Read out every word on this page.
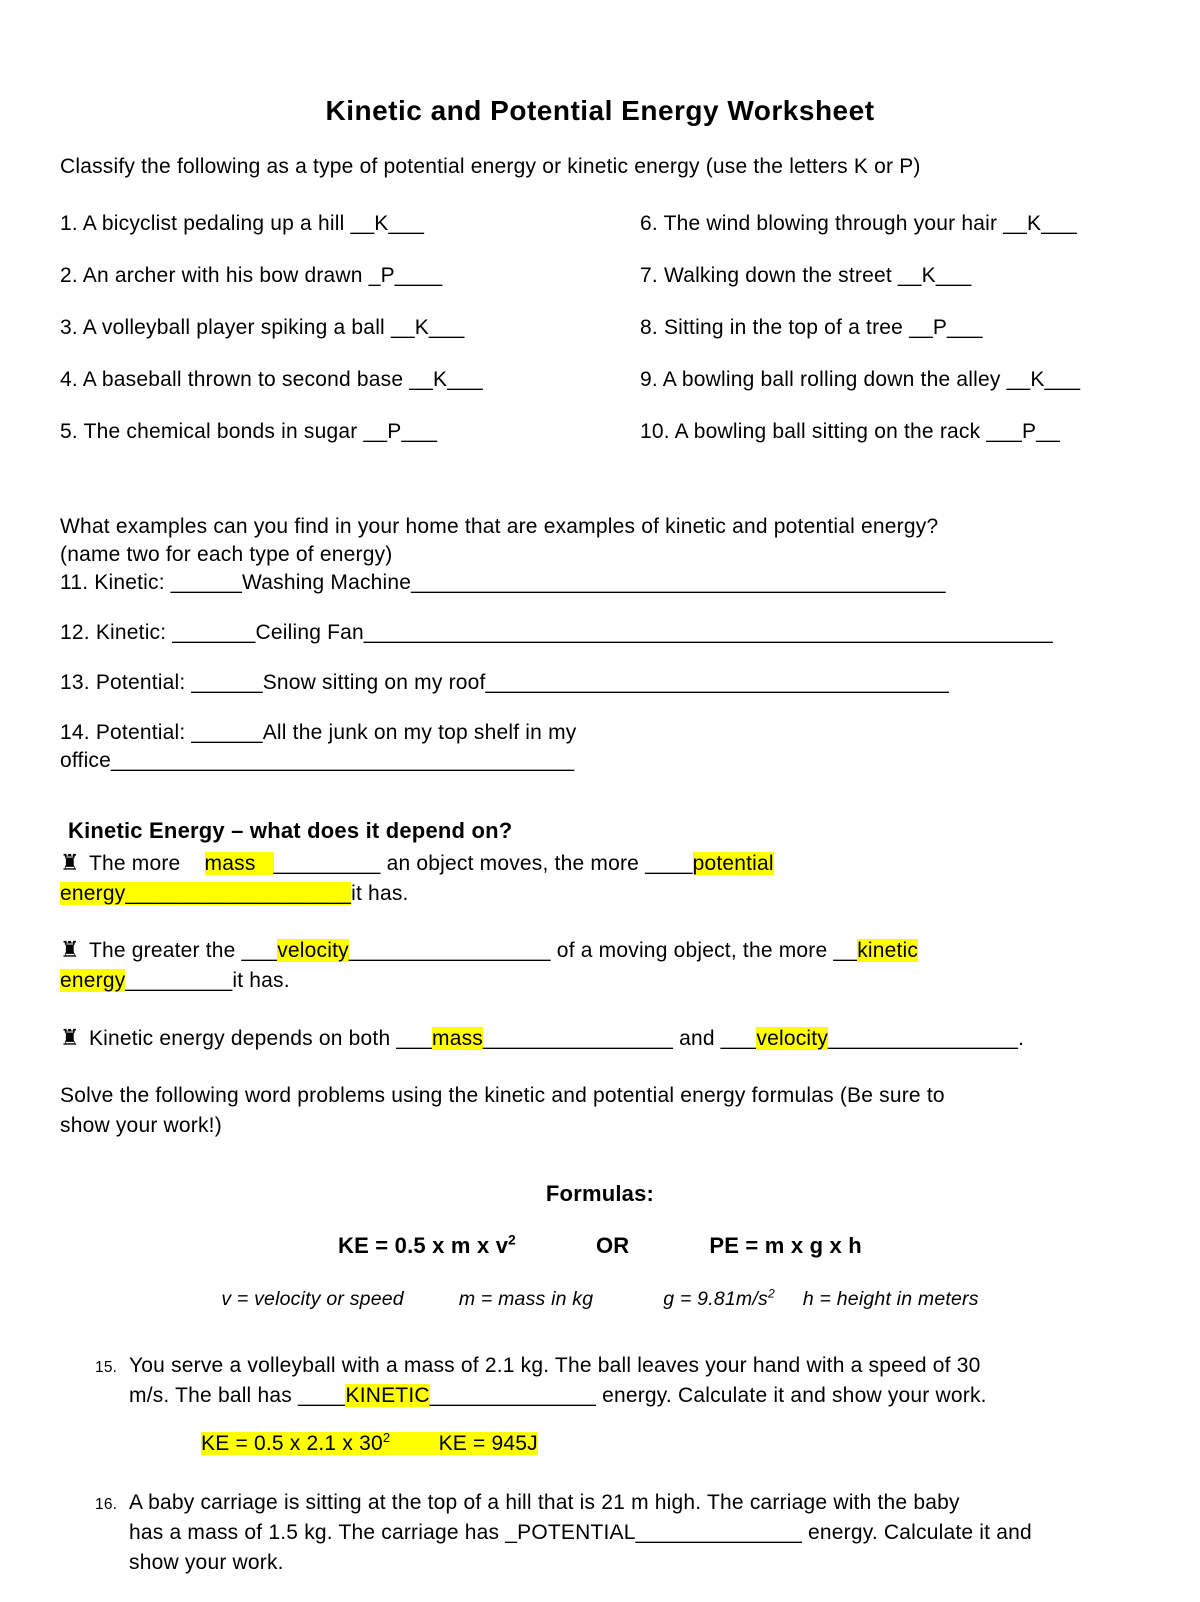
Kinetic and Potential Energy Worksheet

Classify the following as a type of potential energy or kinetic energy (use the letters K or P)

1. A bicyclist pedaling up a hill __K___	6. The wind blowing through your hair __K___
2. An archer with his bow drawn _P____	7. Walking down the street __K___
3. A volleyball player spiking a ball __K___	8. Sitting in the top of a tree __P___
4. A baseball thrown to second base __K___	9. A bowling ball rolling down the alley __K___
5. The chemical bonds in sugar __P___	10. A bowling ball sitting on the rack ___P__

What examples can you find in your home that are examples of kinetic and potential energy?

(name two for each type of energy)

11. Kinetic: ______Washing Machine_____________________________________________

12. Kinetic: _______Ceiling Fan__________________________________________________________

13. Potential: ______Snow sitting on my roof_______________________________________

14. Potential: ______All the junk on my top shelf in my
office_______________________________________

Kinetic Energy – what does it depend on?

♜ The more    mass   _________ an object moves, the more ____potential
energy___________________it has.

♜ The greater the ___velocity_________________ of a moving object, the more __kinetic
energy_________it has.

♜ Kinetic energy depends on both ___mass________________ and ___velocity________________.

Solve the following word problems using the kinetic and potential energy formulas (Be sure to
show your work!)

Formulas:

KE = 0.5 x m x $v^2$	OR	PE = m x g x h

v = velocity or speed	m = mass in kg	$g = 9.81m/s^2$ h = height in meters

15. You serve a volleyball with a mass of 2.1 kg. The ball leaves your hand with a speed of 30
m/s. The ball has ____KINETIC______________ energy. Calculate it and show your work.
KE = 0.5 x 2.1 x $30^2$        KE = 945J
16. A baby carriage is sitting at the top of a hill that is 21 m high. The carriage with the baby
has a mass of 1.5 kg. The carriage has _POTENTIAL______________ energy. Calculate it and
show your work.
